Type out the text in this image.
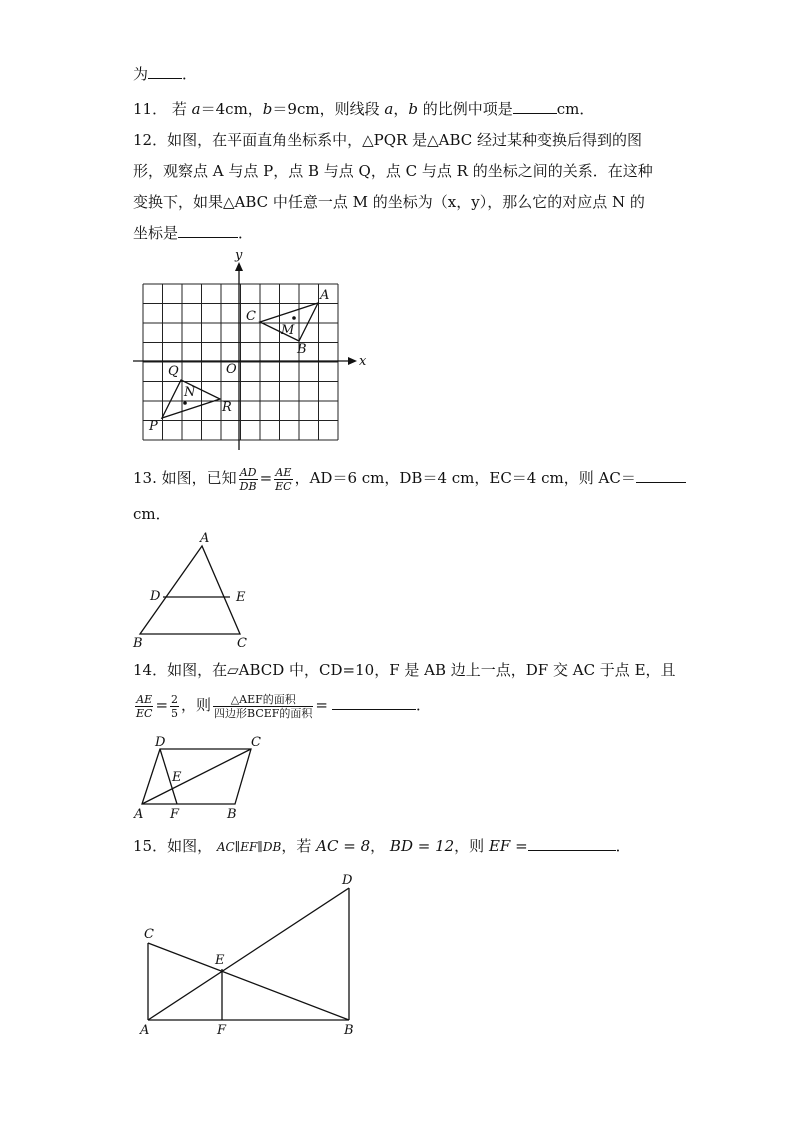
为 ．
11． 若 a＝4cm，b＝9cm，则线段 a，b 的比例中项是	cm．
12．如图，在平面直角坐标系中，△PQR 是△ABC 经过某种变换后得到的图
形，观察点 A 与点 P，点 B 与点 Q，点 C 与点 R 的坐标之间的关系．在这种
变换下，如果△ABC 中任意一点 M 的坐标为（x，y），那么它的对应点 N 的
坐标是	．
y
x
O
A
B
C
M
P
Q
R
N
13. 如图，已知 $\frac{AD}{DB} = \frac{AE}{EC}$ ，AD＝6 cm，DB＝4 cm，EC＝4 cm，则 AC＝
cm．
A
B	C
D	E
14．如图，在▱ABCD 中，CD=10，F 是 AB 边上一点，DF 交 AC 于点 E，且
$\frac{AE}{EC} = \frac{2}{5}$ ，则 $\frac{\text{△AEF的面积}}{\text{四边形BCEF的面积}}$ =	．
A	B
C
D
E
F
15．如图， AC∥EF∥DB，若 AC = 8， BD = 12，则 EF =	．
A	B
C
D
E
F
